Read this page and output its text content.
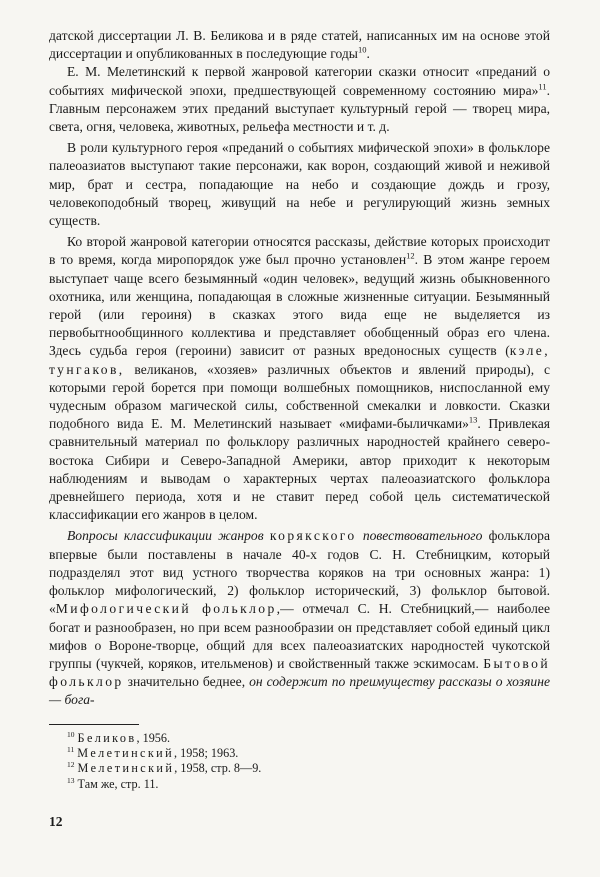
датской диссертации Л. В. Беликова и в ряде статей, написанных им на основе этой диссертации и опубликованных в последующие годы$^{10}$.

Е. М. Мелетинский к первой жанровой категории сказки относит «преданий о событиях мифической эпохи, предшествующей современному состоянию мира»$^{11}$. Главным персонажем этих преданий выступает культурный герой — творец мира, света, огня, человека, животных, рельефа местности и т. д.

В роли культурного героя «преданий о событиях мифической эпохи» в фольклоре палеоазиатов выступают такие персонажи, как ворон, создающий живой и неживой мир, брат и сестра, попадающие на небо и создающие дождь и грозу, человекоподобный творец, живущий на небе и регулирующий жизнь земных существ.

Ко второй жанровой категории относятся рассказы, действие которых происходит в то время, когда миропорядок уже был прочно установлен$^{12}$. В этом жанре героем выступает чаще всего безымянный «один человек», ведущий жизнь обыкновенного охотника, или женщина, попадающая в сложные жизненные ситуации. Безымянный герой (или героиня) в сказках этого вида еще не выделяется из первобытнообщинного коллектива и представляет обобщенный образ его члена. Здесь судьба героя (героини) зависит от разных вредоносных существ (кэле, тунгаков, великанов, «хозяев» различных объектов и явлений природы), с которыми герой борется при помощи волшебных помощников, ниспосланной ему чудесным образом магической силы, собственной смекалки и ловкости. Сказки подобного вида Е. М. Мелетинский называет «мифами-быличками»$^{13}$. Привлекая сравнительный материал по фольклору различных народностей крайнего северо-востока Сибири и Северо-Западной Америки, автор приходит к некоторым наблюдениям и выводам о характерных чертах палеоазиатского фольклора древнейшего периода, хотя и не ставит перед собой цель систематической классификации его жанров в целом.

Вопросы классификации жанров корякского повествовательного фольклора впервые были поставлены в начале 40-х годов С. Н. Стебницким, который подразделял этот вид устного творчества коряков на три основных жанра: 1) фольклор мифологический, 2) фольклор исторический, 3) фольклор бытовой. «Мифологический фольклор,— отмечал С. Н. Стебницкий,— наиболее богат и разнообразен, но при всем разнообразии он представляет собой единый цикл мифов о Вороне-творце, общий для всех палеоазиатских народностей чукотской группы (чукчей, коряков, ительменов) и свойственный также эскимосам. Бытовой фольклор значительно беднее, он содержит по преимуществу рассказы о хозяине — бога-

$^{10}$ Беликов, 1956.
$^{11}$ Мелетинский, 1958; 1963.
$^{12}$ Мелетинский, 1958, стр. 8—9.
$^{13}$ Там же, стр. 11.
12
